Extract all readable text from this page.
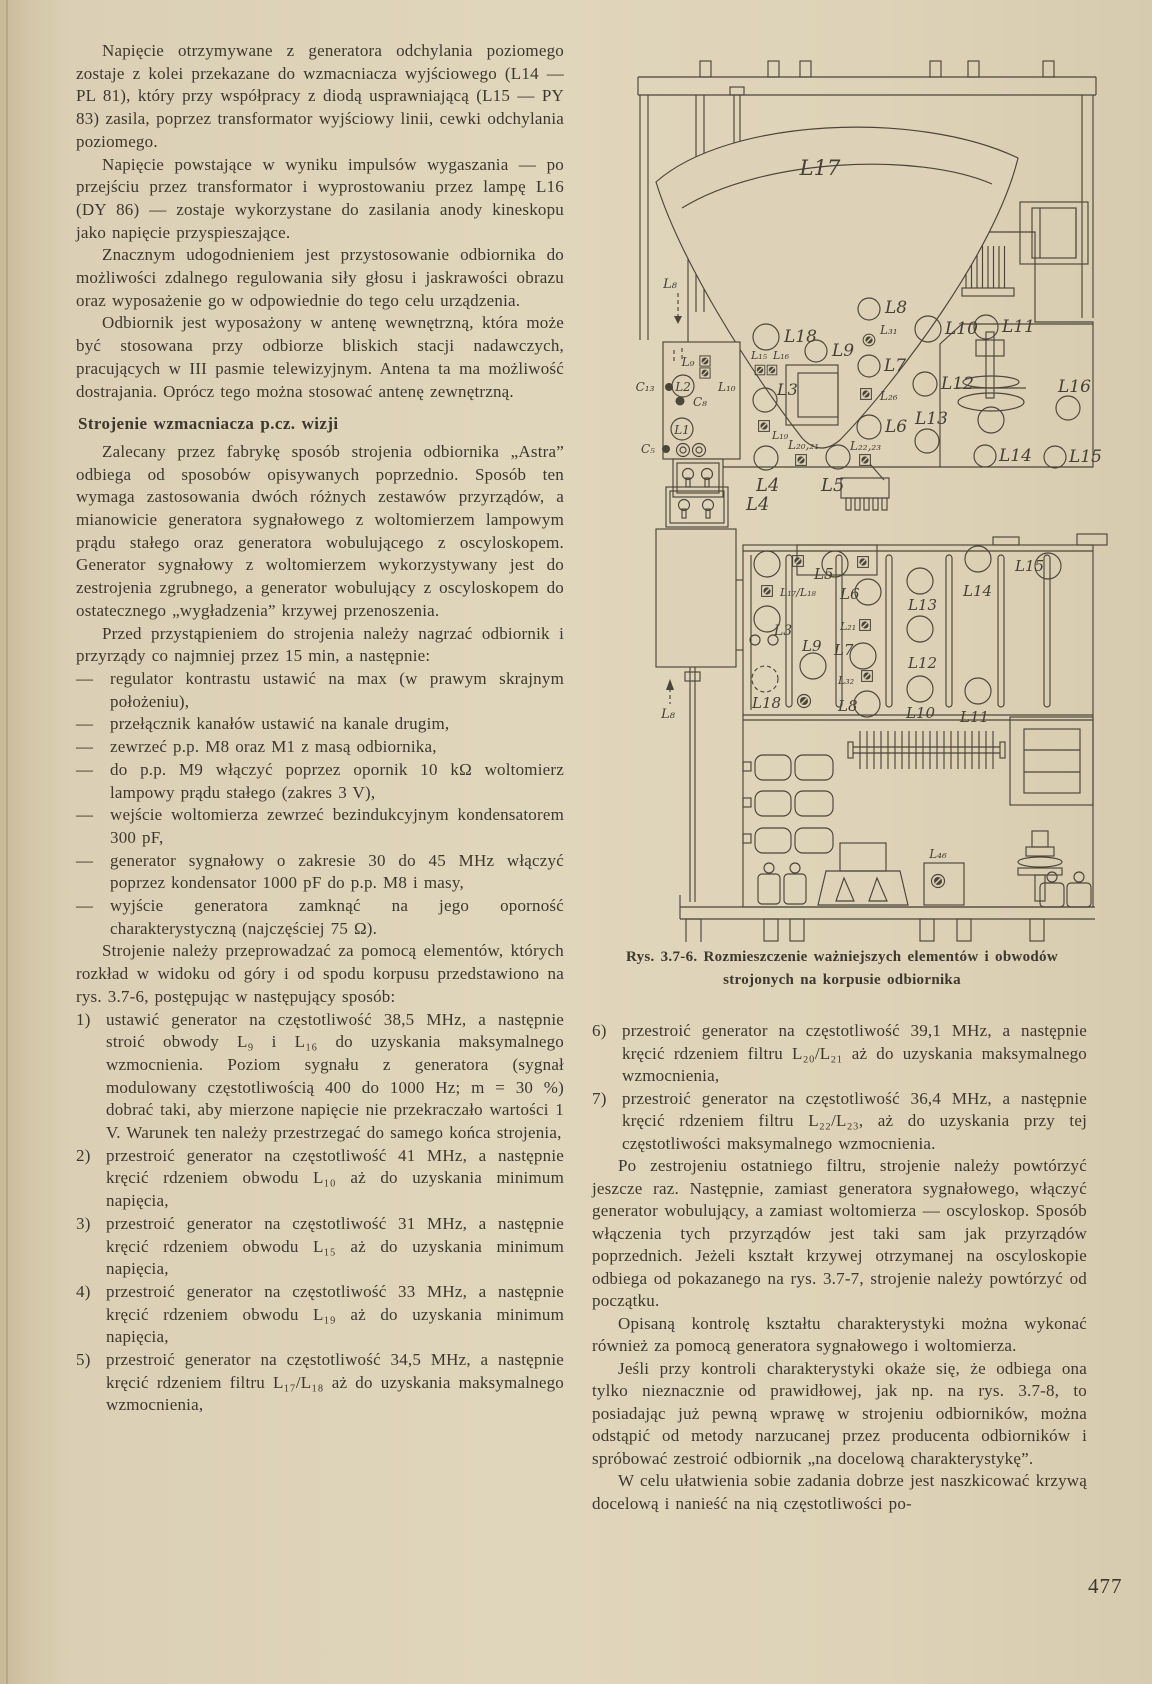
Napięcie otrzymywane z generatora odchylania poziomego zostaje z kolei przekazane do wzmacniacza wyjściowego (L14 — PL 81), który przy współpracy z diodą usprawniającą (L15 — PY 83) zasila, poprzez transformator wyjściowy linii, cewki odchylania poziomego.

Napięcie powstające w wyniku impulsów wygaszania — po przejściu przez transformator i wyprostowaniu przez lampę L16 (DY 86) — zostaje wykorzystane do zasilania anody kineskopu jako napięcie przyspieszające.

Znacznym udogodnieniem jest przystosowanie odbiornika do możliwości zdalnego regulowania siły głosu i jaskrawości obrazu oraz wyposażenie go w odpowiednie do tego celu urządzenia.

Odbiornik jest wyposażony w antenę wewnętrzną, która może być stosowana przy odbiorze bliskich stacji nadawczych, pracujących w III pasmie telewizyjnym. Antena ta ma możliwość dostrajania. Oprócz tego można stosować antenę zewnętrzną.

Strojenie wzmacniacza p.cz. wizji

Zalecany przez fabrykę sposób strojenia odbiornika „Astra” odbiega od sposobów opisywanych poprzednio. Sposób ten wymaga zastosowania dwóch różnych zestawów przyrządów, a mianowicie generatora sygnałowego z woltomierzem lampowym prądu stałego oraz generatora wobulującego z oscyloskopem. Generator sygnałowy z woltomierzem wykorzystywany jest do zestrojenia zgrubnego, a generator wobulujący z oscyloskopem do ostatecznego „wygładzenia” krzywej przenoszenia.

Przed przystąpieniem do strojenia należy nagrzać odbiornik i przyrządy co najmniej przez 15 min, a następnie:

— regulator kontrastu ustawić na max (w prawym skrajnym położeniu),
— przełącznik kanałów ustawić na kanale drugim,
— zewrzeć p.p. M8 oraz M1 z masą odbiornika,
— do p.p. M9 włączyć poprzez opornik 10 kΩ woltomierz lampowy prądu stałego (zakres 3 V),
— wejście woltomierza zewrzeć bezindukcyjnym kondensatorem 300 pF,
— generator sygnałowy o zakresie 30 do 45 MHz włączyć poprzez kondensator 1000 pF do p.p. M8 i masy,
— wyjście generatora zamknąć na jego oporność charakterystyczną (najczęściej 75 Ω).

Strojenie należy przeprowadzać za pomocą elementów, których rozkład w widoku od góry i od spodu korpusu przedstawiono na rys. 3.7-6, postępując w następujący sposób:

1) ustawić generator na częstotliwość 38,5 MHz, a następnie stroić obwody L₉ i L₁₆ do uzyskania maksymalnego wzmocnienia. Poziom sygnału z generatora (sygnał modulowany częstotliwością 400 do 1000 Hz; m = 30 %) dobrać taki, aby mierzone napięcie nie przekraczało wartości 1 V. Warunek ten należy przestrzegać do samego końca strojenia,
2) przestroić generator na częstotliwość 41 MHz, a następnie kręcić rdzeniem obwodu L₁₀ aż do uzyskania minimum napięcia,
3) przestroić generator na częstotliwość 31 MHz, a następnie kręcić rdzeniem obwodu L₁₅ aż do uzyskania minimum napięcia,
4) przestroić generator na częstotliwość 33 MHz, a następnie kręcić rdzeniem obwodu L₁₉ aż do uzyskania minimum napięcia,
5) przestroić generator na częstotliwość 34,5 MHz, a następnie kręcić rdzeniem filtru L₁₇/L₁₈ aż do uzyskania maksymalnego wzmocnienia,
L17
L₈
L18
L9
L8
L₃₁	L10 L11
L7
L12
L₂₆
L6 L13
L16
L14 L15
L₁₅ L₁₆
L3
L₁₉
L₂₀,₂₁	L₂₂,₂₃
L₉
L₁₀
L2
C₁₃
C₈
L1
C₅
L4 L5
L4
L5	L15
L14
L13
L₁₇/L₁₈ L6
L3	L₂₁
L9 L7
L12
L₃₂
L18	L8	L10 L11
L₈
L₄₆
Rys. 3.7-6. Rozmieszczenie ważniejszych elementów i obwodów
strojonych na korpusie odbiornika
6) przestroić generator na częstotliwość 39,1 MHz, a następnie kręcić rdzeniem filtru L₂₀/L₂₁ aż do uzyskania maksymalnego wzmocnienia,
7) przestroić generator na częstotliwość 36,4 MHz, a następnie kręcić rdzeniem filtru L₂₂/L₂₃, aż do uzyskania przy tej częstotliwości maksymalnego wzmocnienia.

Po zestrojeniu ostatniego filtru, strojenie należy powtórzyć jeszcze raz. Następnie, zamiast generatora sygnałowego, włączyć generator wobulujący, a zamiast woltomierza — oscyloskop. Sposób włączenia tych przyrządów jest taki sam jak przyrządów poprzednich. Jeżeli kształt krzywej otrzymanej na oscyloskopie odbiega od pokazanego na rys. 3.7-7, strojenie należy powtórzyć od początku.

Opisaną kontrolę kształtu charakterystyki można wykonać również za pomocą generatora sygnałowego i woltomierza.

Jeśli przy kontroli charakterystyki okaże się, że odbiega ona tylko nieznacznie od prawidłowej, jak np. na rys. 3.7-8, to posiadając już pewną wprawę w strojeniu odbiorników, można odstąpić od metody narzucanej przez producenta odbiorników i spróbować zestroić odbiornik „na docelową charakterystykę”.

W celu ułatwienia sobie zadania dobrze jest naszkicować krzywą docelową i nanieść na nią częstotliwości po-

477
